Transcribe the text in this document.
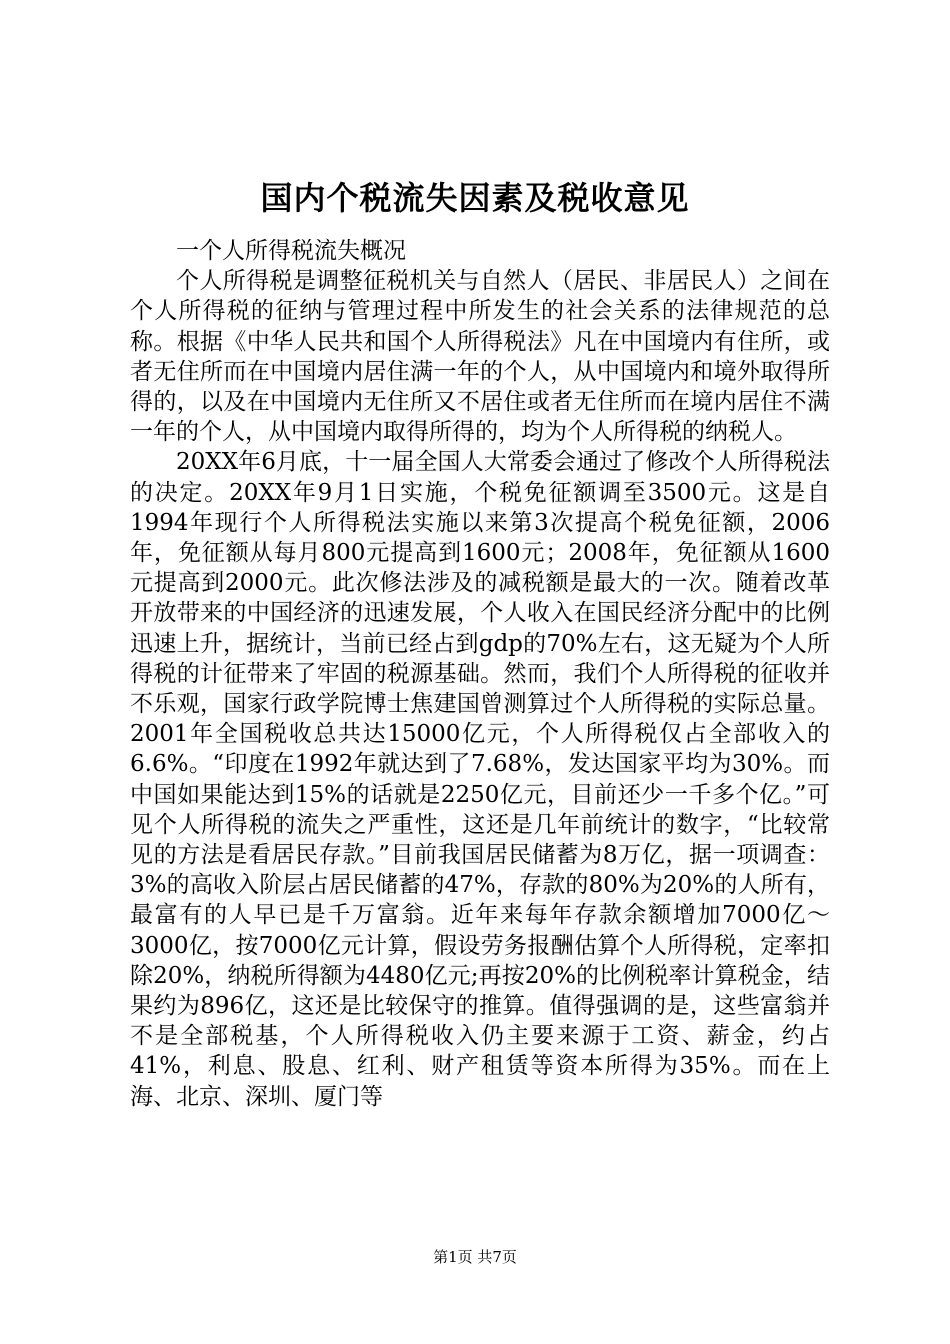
国内个税流失因素及税收意见

一个人所得税流失概况

个人所得税是调整征税机关与自然人（居民、非居民人）之间在个人所得税的征纳与管理过程中所发生的社会关系的法律规范的总称。根据《中华人民共和国个人所得税法》凡在中国境内有住所，或者无住所而在中国境内居住满一年的个人，从中国境内和境外取得所得的，以及在中国境内无住所又不居住或者无住所而在境内居住不满一年的个人，从中国境内取得所得的，均为个人所得税的纳税人。

20XX年6月底，十一届全国人大常委会通过了修改个人所得税法的决定。20XX年9月1日实施，个税免征额调至3500元。这是自1994年现行个人所得税法实施以来第3次提高个税免征额，2006年，免征额从每月800元提高到1600元；2008年，免征额从1600元提高到2000元。此次修法涉及的减税额是最大的一次。随着改革开放带来的中国经济的迅速发展，个人收入在国民经济分配中的比例迅速上升，据统计，当前已经占到gdp的70%左右，这无疑为个人所得税的计征带来了牢固的税源基础。然而，我们个人所得税的征收并不乐观，国家行政学院博士焦建国曾测算过个人所得税的实际总量。2001年全国税收总共达15000亿元，个人所得税仅占全部收入的6.6%。“印度在1992年就达到了7.68%，发达国家平均为30%。而中国如果能达到15%的话就是2250亿元，目前还少一千多个亿。”可见个人所得税的流失之严重性，这还是几年前统计的数字，“比较常见的方法是看居民存款。”目前我国居民储蓄为8万亿，据一项调查：3%的高收入阶层占居民储蓄的47%，存款的80%为20%的人所有，最富有的人早已是千万富翁。近年来每年存款余额增加7000亿～3000亿，按7000亿元计算，假设劳务报酬估算个人所得税，定率扣除20%，纳税所得额为4480亿元;再按20%的比例税率计算税金，结果约为896亿，这还是比较保守的推算。值得强调的是，这些富翁并不是全部税基，个人所得税收入仍主要来源于工资、薪金，约占41%，利息、股息、红利、财产租赁等资本所得为35%。而在上海、北京、深圳、厦门等

第1页 共7页
